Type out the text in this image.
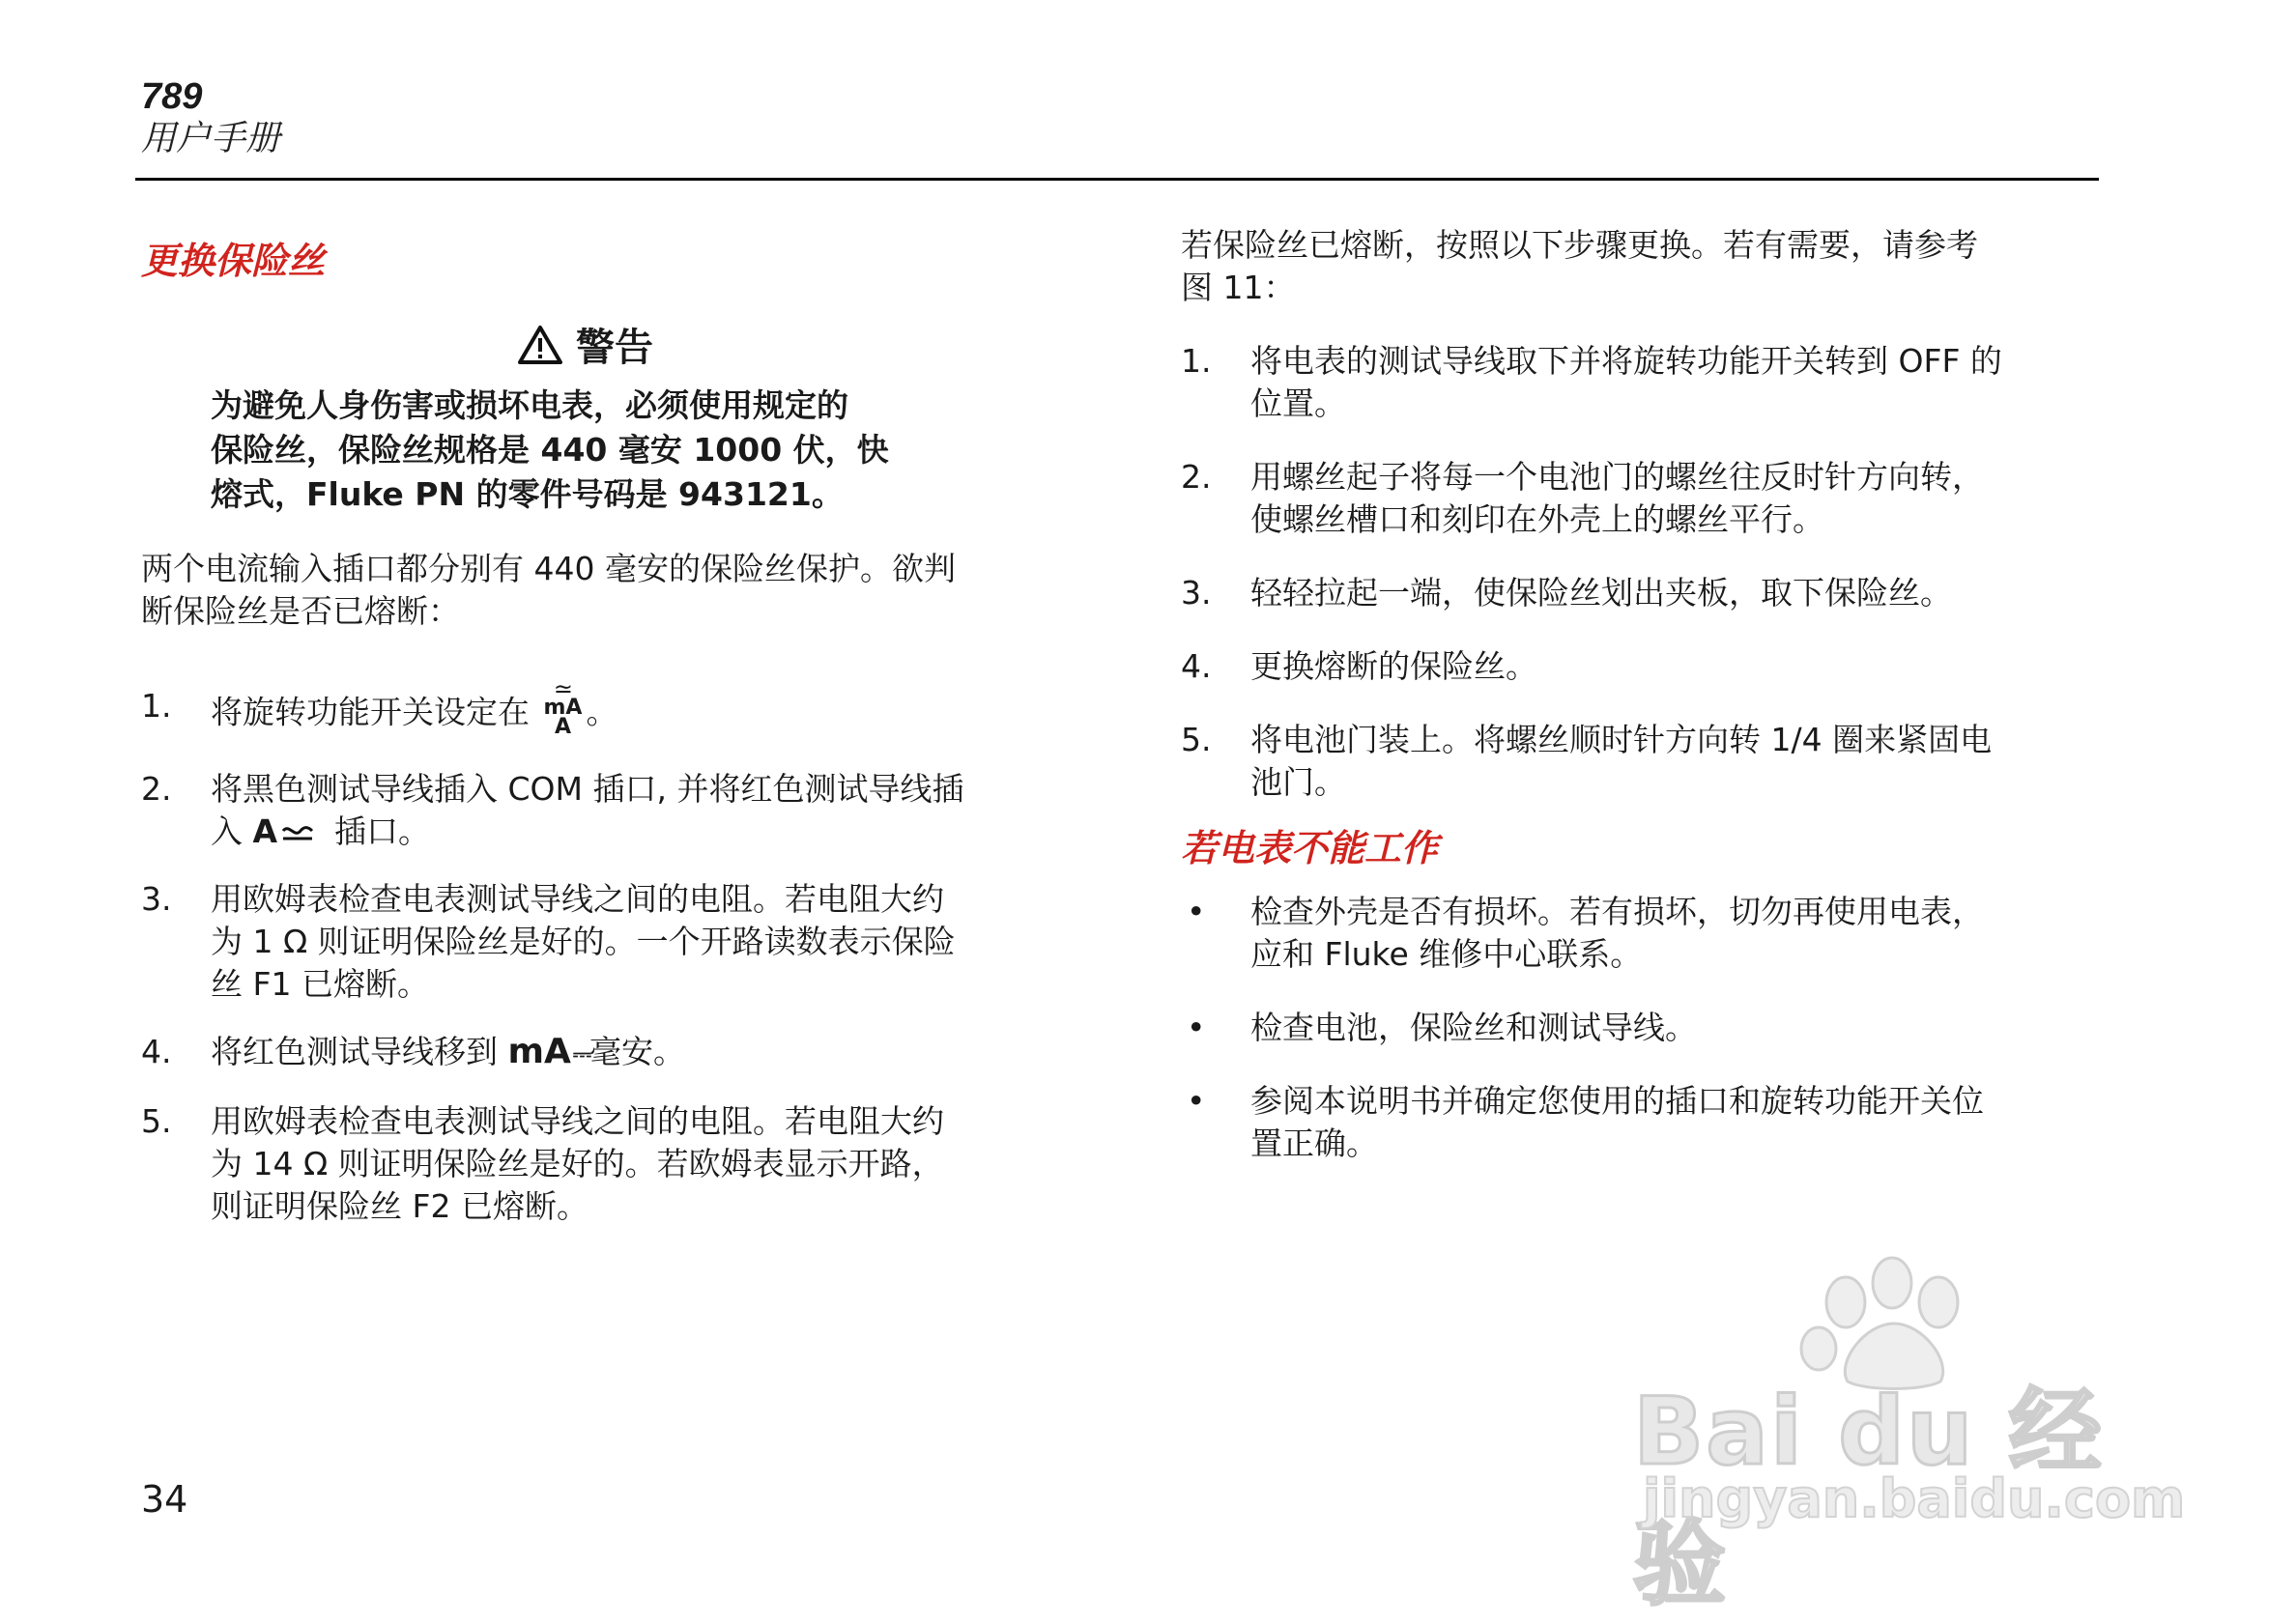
789
用户手册
更换保险丝
警告
为避免人身伤害或损坏电表，必须使用规定的
保险丝，保险丝规格是 440 毫安 1000 伏，快
熔式，Fluke PN 的零件号码是 943121。
两个电流输入插口都分别有 440 毫安的保险丝保护。欲判
断保险丝是否已熔断：
1. 将旋转功能开关设定在
≃
mA
A 。
2. 将黑色测试导线插入 COM 插口, 并将红色测试导线插
入 A 插口。
3. 用欧姆表检查电表测试导线之间的电阻。若电阻大约
为 1 Ω 则证明保险丝是好的。一个开路读数表示保险
丝 F1 已熔断。
4. 将红色测试导线移到 mA⎓毫安。
5. 用欧姆表检查电表测试导线之间的电阻。若电阻大约
为 14 Ω 则证明保险丝是好的。若欧姆表显示开路，
则证明保险丝 F2 已熔断。
若保险丝已熔断，按照以下步骤更换。若有需要，请参考
图 11：
1. 将电表的测试导线取下并将旋转功能开关转到 OFF 的
位置。
2. 用螺丝起子将每一个电池门的螺丝往反时针方向转，
使螺丝槽口和刻印在外壳上的螺丝平行。
3. 轻轻拉起一端，使保险丝划出夹板，取下保险丝。
4. 更换熔断的保险丝。
5. 将电池门装上。将螺丝顺时针方向转 1/4 圈来紧固电
池门。
若电表不能工作
• 检查外壳是否有损坏。若有损坏，切勿再使用电表，
应和 Fluke 维修中心联系。
• 检查电池，保险丝和测试导线。
• 参阅本说明书并确定您使用的插口和旋转功能开关位
置正确。
34
Bai du 经验
jingyan.baidu.com
